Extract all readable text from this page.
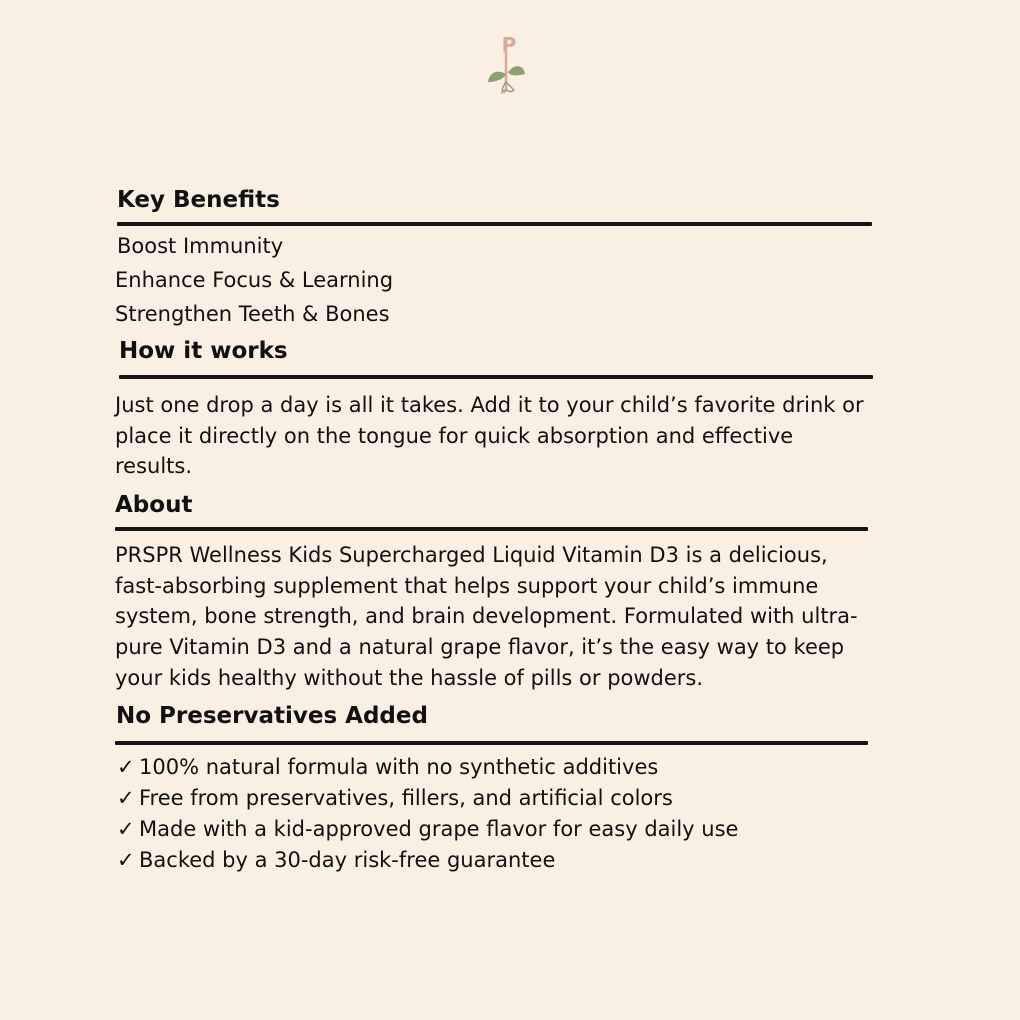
P
Key Benefits

Boost Immunity

Enhance Focus & Learning

Strengthen Teeth & Bones

How it works
Just one drop a day is all it takes. Add it to your child’s favorite drink or
place it directly on the tongue for quick absorption and effective
results.
About
PRSPR Wellness Kids Supercharged Liquid Vitamin D3 is a delicious,
fast-absorbing supplement that helps support your child’s immune
system, bone strength, and brain development. Formulated with ultra-
pure Vitamin D3 and a natural grape flavor, it’s the easy way to keep
your kids healthy without the hassle of pills or powders.
No Preservatives Added

✓ 100% natural formula with no synthetic additives

✓ Free from preservatives, fillers, and artificial colors

✓ Made with a kid-approved grape flavor for easy daily use

✓ Backed by a 30-day risk-free guarantee
